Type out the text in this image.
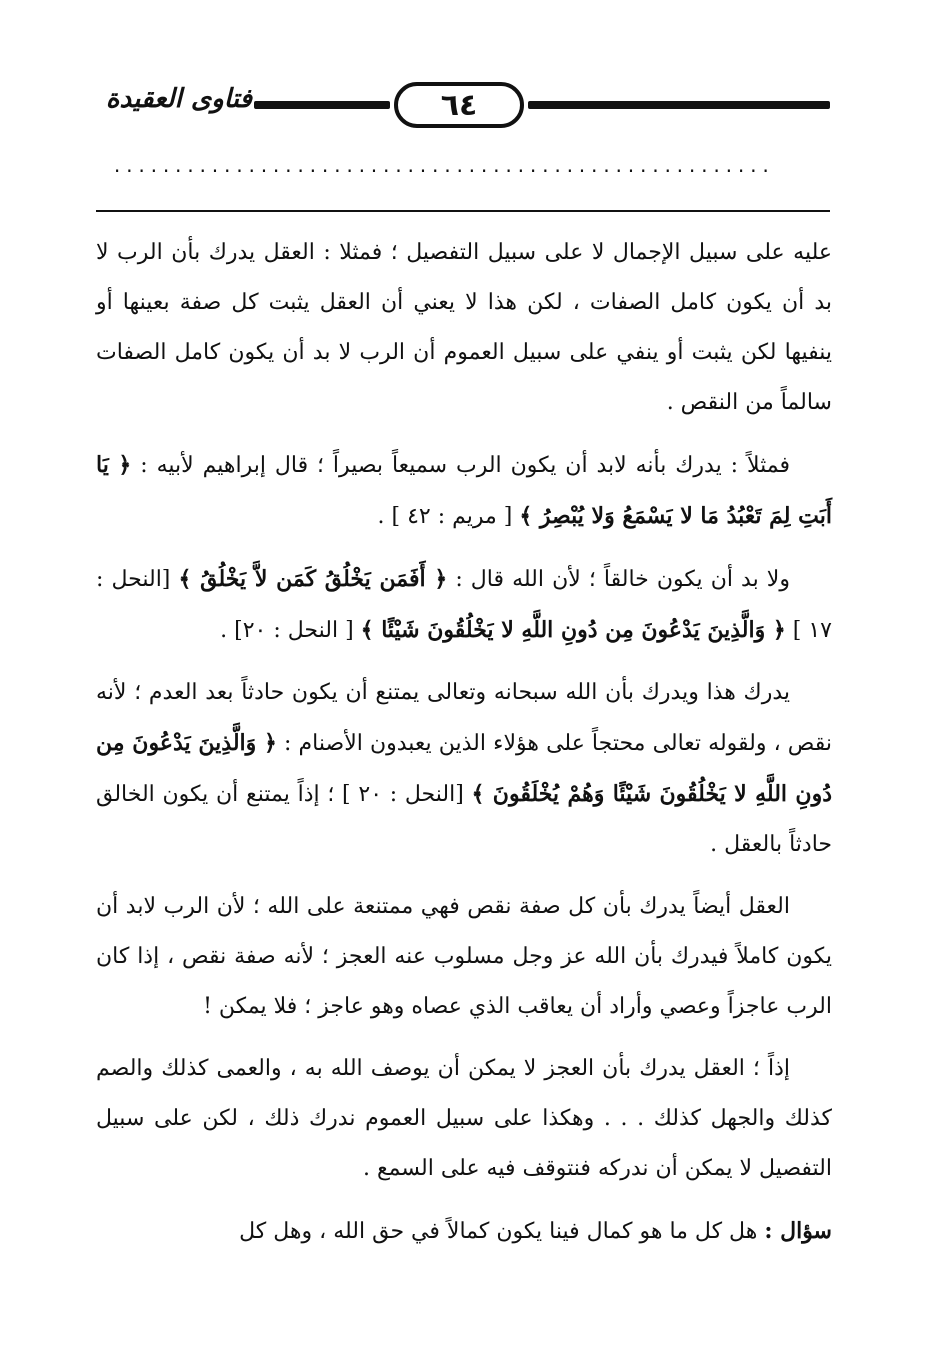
فتاوى العقيدة	٦٤
......................................................

عليه على سبيل الإجمال لا على سبيل التفصيل ؛ فمثلا : العقل يدرك بأن الرب لا بد أن يكون كامل الصفات ، لكن هذا لا يعني أن العقل يثبت كل صفة بعينها أو ينفيها لكن يثبت أو ينفي على سبيل العموم أن الرب لا بد أن يكون كامل الصفات سالماً من النقص .

فمثلاً : يدرك بأنه لابد أن يكون الرب سميعاً بصيراً ؛ قال إبراهيم لأبيه : ﴿ يَا أَبَتِ لِمَ تَعْبُدُ مَا لا يَسْمَعُ وَلا يُبْصِرُ ﴾ [ مريم : ٤٢ ] .

ولا بد أن يكون خالقاً ؛ لأن الله قال : ﴿ أَفَمَن يَخْلُقُ كَمَن لاَّ يَخْلُقُ ﴾ [النحل : ١٧ ] ﴿ وَالَّذِينَ يَدْعُونَ مِن دُونِ اللَّهِ لا يَخْلُقُونَ شَيْئًا ﴾ [ النحل : ٢٠] .

يدرك هذا ويدرك بأن الله سبحانه وتعالى يمتنع أن يكون حادثاً بعد العدم ؛ لأنه نقص ، ولقوله تعالى محتجاً على هؤلاء الذين يعبدون الأصنام : ﴿ وَالَّذِينَ يَدْعُونَ مِن دُونِ اللَّهِ لا يَخْلُقُونَ شَيْئًا وَهُمْ يُخْلَقُونَ ﴾ [النحل : ٢٠ ] ؛ إذاً يمتنع أن يكون الخالق حادثاً بالعقل .

العقل أيضاً يدرك بأن كل صفة نقص فهي ممتنعة على الله ؛ لأن الرب لابد أن يكون كاملاً فيدرك بأن الله عز وجل مسلوب عنه العجز ؛ لأنه صفة نقص ، إذا كان الرب عاجزاً وعصي وأراد أن يعاقب الذي عصاه وهو عاجز ؛ فلا يمكن !

إذاً ؛ العقل يدرك بأن العجز لا يمكن أن يوصف الله به ، والعمى كذلك والصم كذلك والجهل كذلك . . . وهكذا على سبيل العموم ندرك ذلك ، لكن على سبيل التفصيل لا يمكن أن ندركه فنتوقف فيه على السمع .

سؤال : هل كل ما هو كمال فينا يكون كمالاً في حق الله ، وهل كل
